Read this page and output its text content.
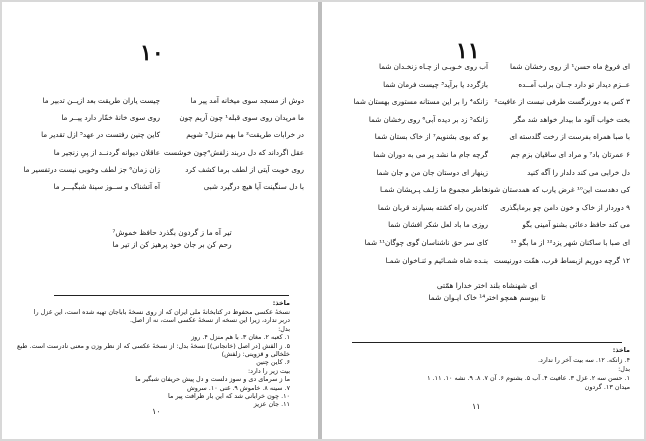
۱۰
تیر آه ما ز گردون بگذرد حافظ خموش⁷
رحم کن بر جان خود پرهیز کن از تیر ما
ماخذ:
۱۰
دوش از مسجد سوی میخانه آمد پیر ما
ما مریدان روی سوی قبله¹ چون آریم چون
در خرابات طریقت² ما بهم منزل³ شویم
عقل اگرداند که دل دربند زلفش⁴چون خوشست
روی خوبت آیتی از لطف برما کشف کرد
با دل سنگینت آیا هیچ درگیرد شبی
چیست یاران طریقت بعد ازیــن تدبیر ما
روی سوی خانهٔ خمّار دارد پیــر ما
کاین چنین رفتست در عهد⁵ ازل تقدیر ما
عاقلان دیوانه گردنــد از پیِ زنجیر ما
زان زمان⁶ جز لطف وخوبی نیست درتفسیر ما
آه آتشناک و ســوز سینهٔ شبگیـــر ما
نسخهٔ عکسی محفوظ در کتابخانهٔ ملی ایران که از روی نسخهٔ باباجان تهیه شده است، این غزل را
دربر ندارد، زیرا این نسخه از نسخهٔ عکسی است، نه از اصل.
بدل:
۱. کعبه ۲. مغان ۳. با هم منزل ۴. روز
۵. ز الفش [در اصل (خانجانی)] نسخهٔ بدل: از نسخهٔ عکسی که از نظر وزن و معنی نادرست است. طبع
خلخالی و قزوینی: زلفش)
۶. کاین چنین
بیت زیر را دارد:
ما ز سرمای دی و سوز دلست و دل پیش حریفان شبگیر ما
۷. سینه ۸. خاموش ۹. غنی ۱۰. سروش
۱۰. چون خرابانی شد که این بار ظرافت پیر ما
۱۱. جان عزیز
۱۱
ای شهنشاه بلند اختر خدارا همّتی
تا ببوسم همچو اختر¹⁴ خاک ایـوان شما
ماخذ:
۱۱
ای فروغ ماه حسن¹ از روی رخشان شما
عــزم دیدار تو دارد جــان برلب آمــده
۳ کس به دورنرگست طرفی نبست از عافیت²
بخت خواب آلود ما بیدار خواهد شد مگر
با صبا همراه بفرست از رخت گلدسته ای
۶ عمرتان باد⁷ و مراد ای ساقیان بزم جم
دل خرابی می کند دلدار را آگه کنید
کی دهدست این¹⁰ غرض یارب که همدستان شوند
۹ دوردار از خاک و خون دامن چو برمابگذری
می کند حافظ دعائی بشنو آمینی بگو
ای صبا با ساکنان شهر یزد¹² از ما بگو ¹³
۱۲ گرچه دوریم ازبساط قرب، همّت دورنیست
آب روی خـوبـی از چـاه زنخـدان شما
بازگردد یا برآید³ چیست فرمان شما
زانکه⁴ را بر این مستانه مستوری بهستان شما
زانکه⁵ زد بر دیده آبی⁶ روی رخشان شما
بو که بوی بشنویم⁷ از خاک بستان شما
گرچه جام ما نشد پر می به دوران شما
زینهار ای دوستان جان من و جان شما
خاطر مجموع ما زلـف پـریشان شمـا
کاندرین راه کشته بسیارند قربان شما
روزی ما باد لعل شکر افشان شما
کای سر حق ناشناسان گوی چوگان¹¹ شما
بنـده شاه شمـائیم و ثنـاخوان شمـا
۴. زانکه. ۱۲. سه بیت آخر را ندارد.
بدل:
۱. حسن سه ۲. غزل ۳. عافیت ۴. آب ۵. بشنوم ۶. آن ۷. ۸. ۹. نشه ۱۰. ۱۱. ۱
میدان ۱۳. گردون
